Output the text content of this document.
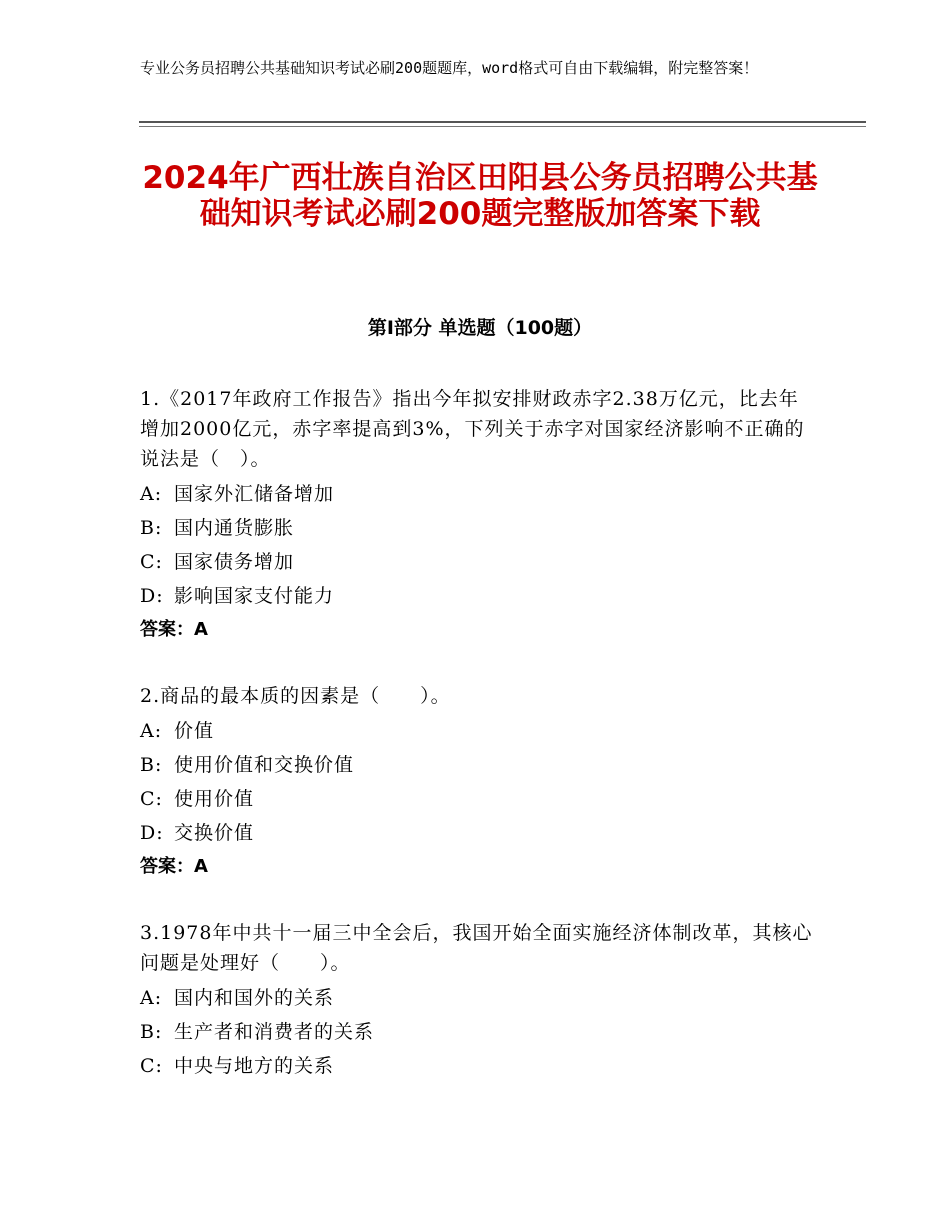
专业公务员招聘公共基础知识考试必刷200题题库，word格式可自由下载编辑，附完整答案！
2024年广西壮族自治区田阳县公务员招聘公共基础知识考试必刷200题完整版加答案下载
第Ⅰ部分 单选题（100题）

1.《2017年政府工作报告》指出今年拟安排财政赤字2.38万亿元，比去年增加2000亿元，赤字率提高到3%，下列关于赤字对国家经济影响不正确的说法是（　）。

A: 国家外汇储备增加
B: 国内通货膨胀
C: 国家债务增加
D: 影响国家支付能力
答案：A

2.商品的最本质的因素是（　　）。

A: 价值
B: 使用价值和交换价值
C: 使用价值
D: 交换价值
答案：A

3.1978年中共十一届三中全会后，我国开始全面实施经济体制改革，其核心问题是处理好（　　）。

A: 国内和国外的关系
B: 生产者和消费者的关系
C: 中央与地方的关系
